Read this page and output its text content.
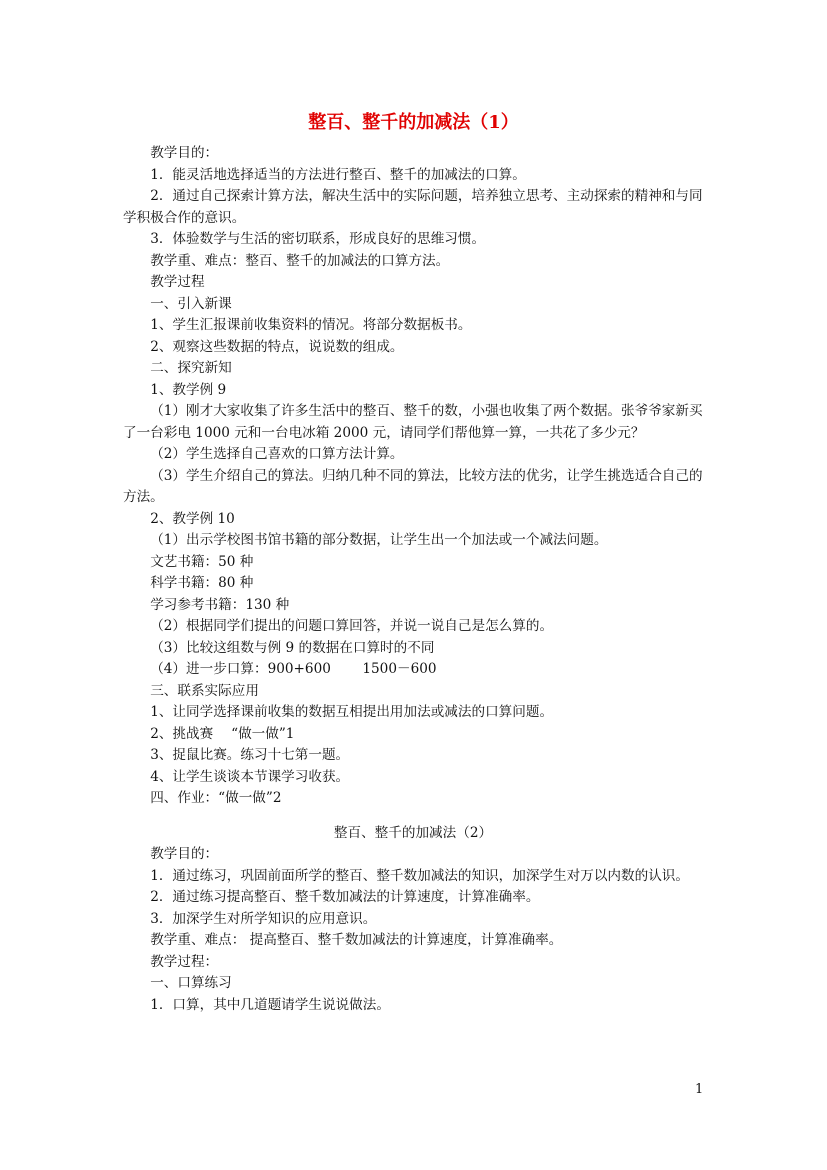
整百、整千的加减法（1）

教学目的：

1．能灵活地选择适当的方法进行整百、整千的加减法的口算。

2．通过自己探索计算方法，解决生活中的实际问题，培养独立思考、主动探索的精神和与同学积极合作的意识。

3．体验数学与生活的密切联系，形成良好的思维习惯。

教学重、难点：整百、整千的加减法的口算方法。

教学过程

一、引入新课

1、学生汇报课前收集资料的情况。将部分数据板书。

2、观察这些数据的特点，说说数的组成。

二、探究新知

1、教学例 9

（1）刚才大家收集了许多生活中的整百、整千的数，小强也收集了两个数据。张爷爷家新买了一台彩电 1000 元和一台电冰箱 2000 元，请同学们帮他算一算，一共花了多少元？

（2）学生选择自己喜欢的口算方法计算。

（3）学生介绍自己的算法。归纳几种不同的算法，比较方法的优劣，让学生挑选适合自己的方法。

2、教学例 10

（1）出示学校图书馆书籍的部分数据，让学生出一个加法或一个减法问题。

文艺书籍：50 种

科学书籍：80 种

学习参考书籍：130 种

（2）根据同学们提出的问题口算回答，并说一说自己是怎么算的。

（3）比较这组数与例 9 的数据在口算时的不同

（4）进一步口算：900+600　　 1500－600

三、联系实际应用

1、让同学选择课前收集的数据互相提出用加法或减法的口算问题。

2、挑战赛　 “做一做”1

3、捉鼠比赛。练习十七第一题。

4、让学生谈谈本节课学习收获。

四、作业：“做一做”2

整百、整千的加减法（2）

教学目的：

1．通过练习，巩固前面所学的整百、整千数加减法的知识，加深学生对万以内数的认识。

2．通过练习提高整百、整千数加减法的计算速度，计算准确率。

3．加深学生对所学知识的应用意识。

教学重、难点： 提高整百、整千数加减法的计算速度，计算准确率。

教学过程：

一、口算练习

1．口算，其中几道题请学生说说做法。

1
